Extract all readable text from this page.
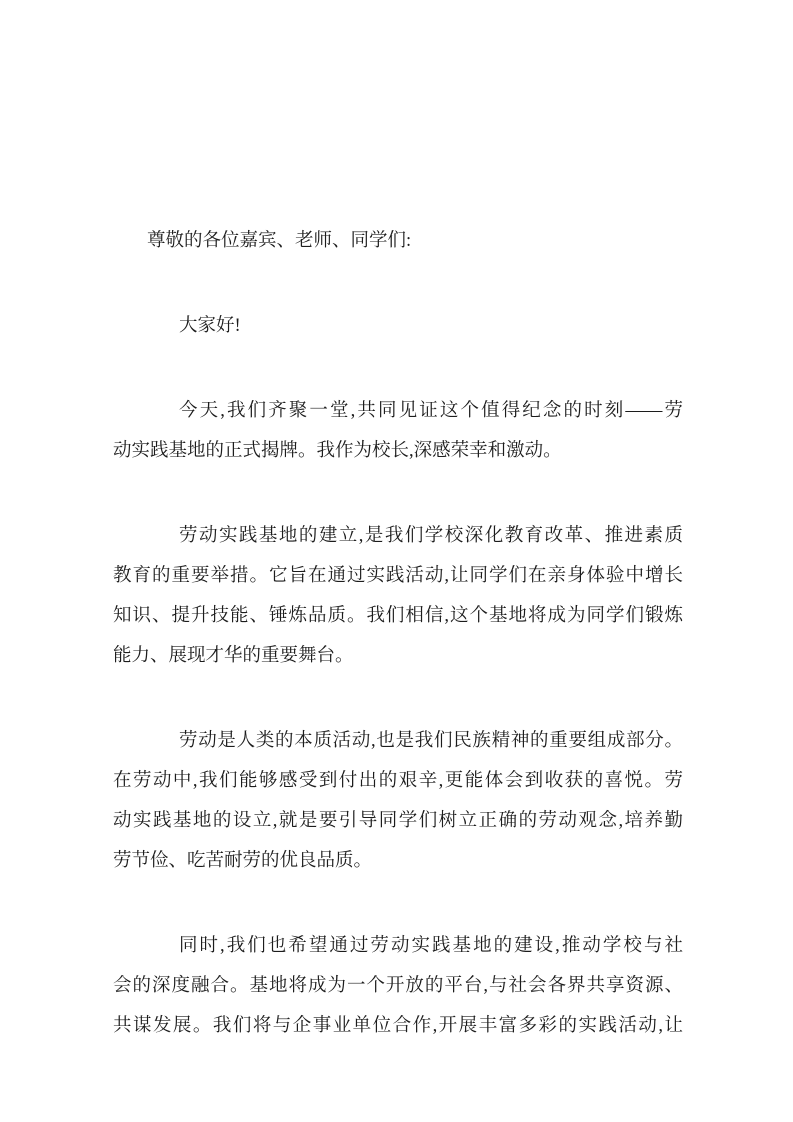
尊敬的各位嘉宾、老师、同学们:

大家好!

今天,我们齐聚一堂,共同见证这个值得纪念的时刻——劳
动实践基地的正式揭牌。我作为校长,深感荣幸和激动。

劳动实践基地的建立,是我们学校深化教育改革、推进素质
教育的重要举措。它旨在通过实践活动,让同学们在亲身体验中增长
知识、提升技能、锤炼品质。我们相信,这个基地将成为同学们锻炼
能力、展现才华的重要舞台。

劳动是人类的本质活动,也是我们民族精神的重要组成部分。
在劳动中,我们能够感受到付出的艰辛,更能体会到收获的喜悦。劳
动实践基地的设立,就是要引导同学们树立正确的劳动观念,培养勤
劳节俭、吃苦耐劳的优良品质。

同时,我们也希望通过劳动实践基地的建设,推动学校与社
会的深度融合。基地将成为一个开放的平台,与社会各界共享资源、
共谋发展。我们将与企事业单位合作,开展丰富多彩的实践活动,让
